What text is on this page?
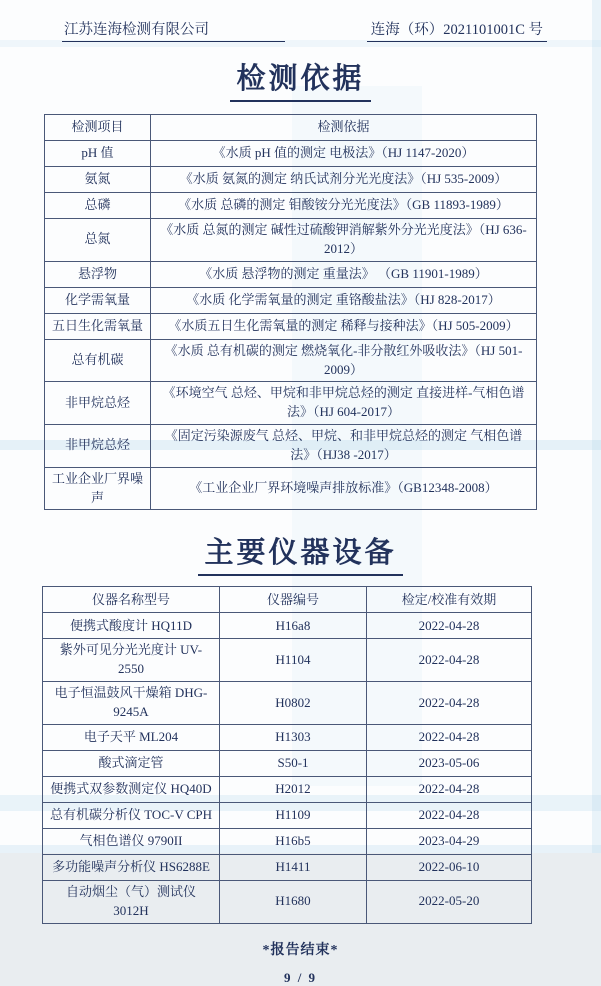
江苏连海检测有限公司	连海（环）2021101001C 号
检测依据
检测项目	检测依据
pH 值	《水质 pH 值的测定 电极法》（HJ 1147-2020）
氨氮	《水质 氨氮的测定 纳氏试剂分光光度法》（HJ 535-2009）
总磷	《水质 总磷的测定 钼酸铵分光光度法》（GB 11893-1989）
总氮	《水质 总氮的测定 碱性过硫酸钾消解紫外分光光度法》（HJ 636-2012）
悬浮物	《水质 悬浮物的测定 重量法》 （GB 11901-1989）
化学需氧量	《水质 化学需氧量的测定 重铬酸盐法》（HJ 828-2017）
五日生化需氧量	《水质五日生化需氧量的测定 稀释与接种法》（HJ 505-2009）
总有机碳	《水质 总有机碳的测定 燃烧氧化-非分散红外吸收法》（HJ 501-2009）
非甲烷总烃	《环境空气 总烃、甲烷和非甲烷总烃的测定 直接进样-气相色谱法》（HJ 604-2017）
非甲烷总烃	《固定污染源废气 总烃、甲烷、和非甲烷总烃的测定 气相色谱法》（HJ38 -2017）
工业企业厂界噪声	《工业企业厂界环境噪声排放标准》（GB12348-2008）
主要仪器设备
仪器名称型号	仪器编号	检定/校准有效期
便携式酸度计 HQ11D	H16a8	2022-04-28
紫外可见分光光度计 UV-2550	H1104	2022-04-28
电子恒温鼓风干燥箱 DHG-9245A	H0802	2022-04-28
电子天平 ML204	H1303	2022-04-28
酸式滴定管	S50-1	2023-05-06
便携式双参数测定仪 HQ40D	H2012	2022-04-28
总有机碳分析仪 TOC-V CPH	H1109	2022-04-28
气相色谱仪 9790II	H16b5	2023-04-29
多功能噪声分析仪 HS6288E	H1411	2022-06-10
自动烟尘（气）测试仪 3012H	H1680	2022-05-20
*报告结束*
9 / 9
